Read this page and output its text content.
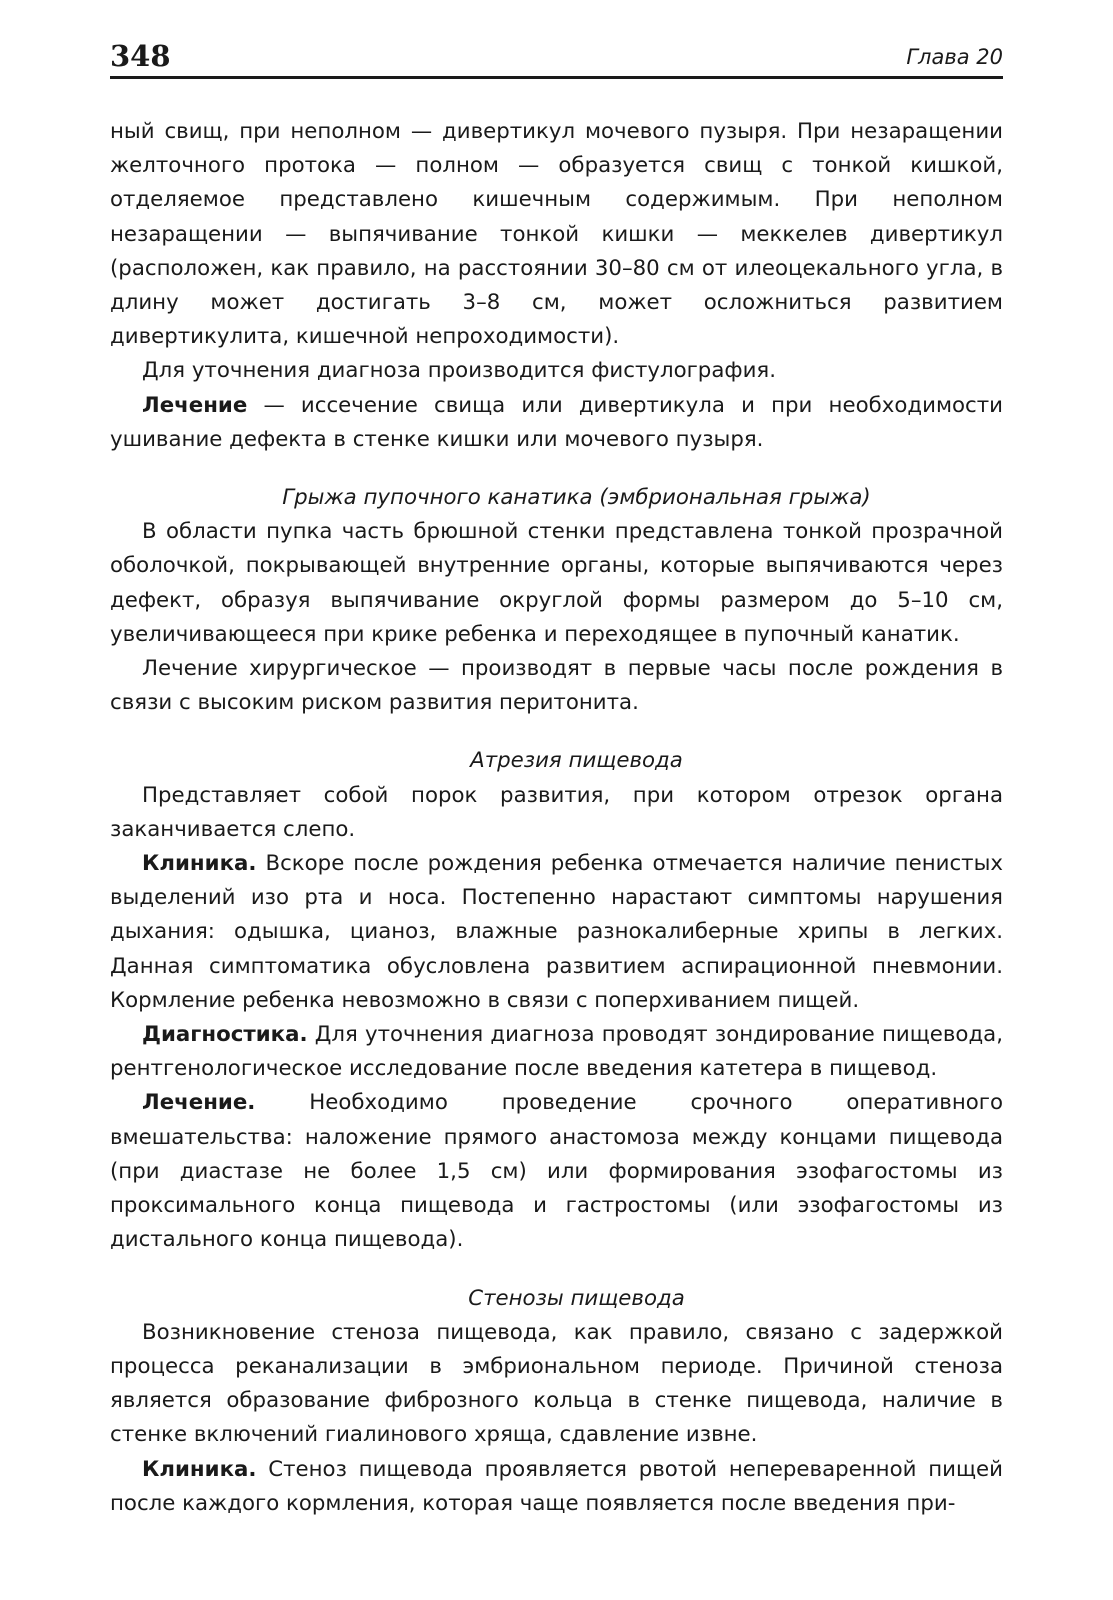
348	Глава 20

ный свищ, при неполном — дивертикул мочевого пузыря. При незаращении желточного протока — полном — образуется свищ с тонкой кишкой, отделяемое представлено кишечным содержимым. При неполном незаращении — выпячивание тонкой кишки — меккелев дивертикул (расположен, как правило, на расстоянии 30–80 см от илеоцекального угла, в длину может достигать 3–8 см, может осложниться развитием дивертикулита, кишечной непроходимости).

Для уточнения диагноза производится фистулография.

Лечение — иссечение свища или дивертикула и при необходимости ушивание дефекта в стенке кишки или мочевого пузыря.

Грыжа пупочного канатика (эмбриональная грыжа)

В области пупка часть брюшной стенки представлена тонкой прозрачной оболочкой, покрывающей внутренние органы, которые выпячиваются через дефект, образуя выпячивание округлой формы размером до 5–10 см, увеличивающееся при крике ребенка и переходящее в пупочный канатик.

Лечение хирургическое — производят в первые часы после рождения в связи с высоким риском развития перитонита.

Атрезия пищевода

Представляет собой порок развития, при котором отрезок органа заканчивается слепо.

Клиника. Вскоре после рождения ребенка отмечается наличие пенистых выделений изо рта и носа. Постепенно нарастают симптомы нарушения дыхания: одышка, цианоз, влажные разнокалиберные хрипы в легких. Данная симптоматика обусловлена развитием аспирационной пневмонии. Кормление ребенка невозможно в связи с поперхиванием пищей.

Диагностика. Для уточнения диагноза проводят зондирование пищевода, рентгенологическое исследование после введения катетера в пищевод.

Лечение. Необходимо проведение срочного оперативного вмешательства: наложение прямого анастомоза между концами пищевода (при диастазе не более 1,5 см) или формирования эзофагостомы из проксимального конца пищевода и гастростомы (или эзофагостомы из дистального конца пищевода).

Стенозы пищевода

Возникновение стеноза пищевода, как правило, связано с задержкой процесса реканализации в эмбриональном периоде. Причиной стеноза является образование фиброзного кольца в стенке пищевода, наличие в стенке включений гиалинового хряща, сдавление извне.

Клиника. Стеноз пищевода проявляется рвотой непереваренной пищей после каждого кормления, которая чаще появляется после введения при-
